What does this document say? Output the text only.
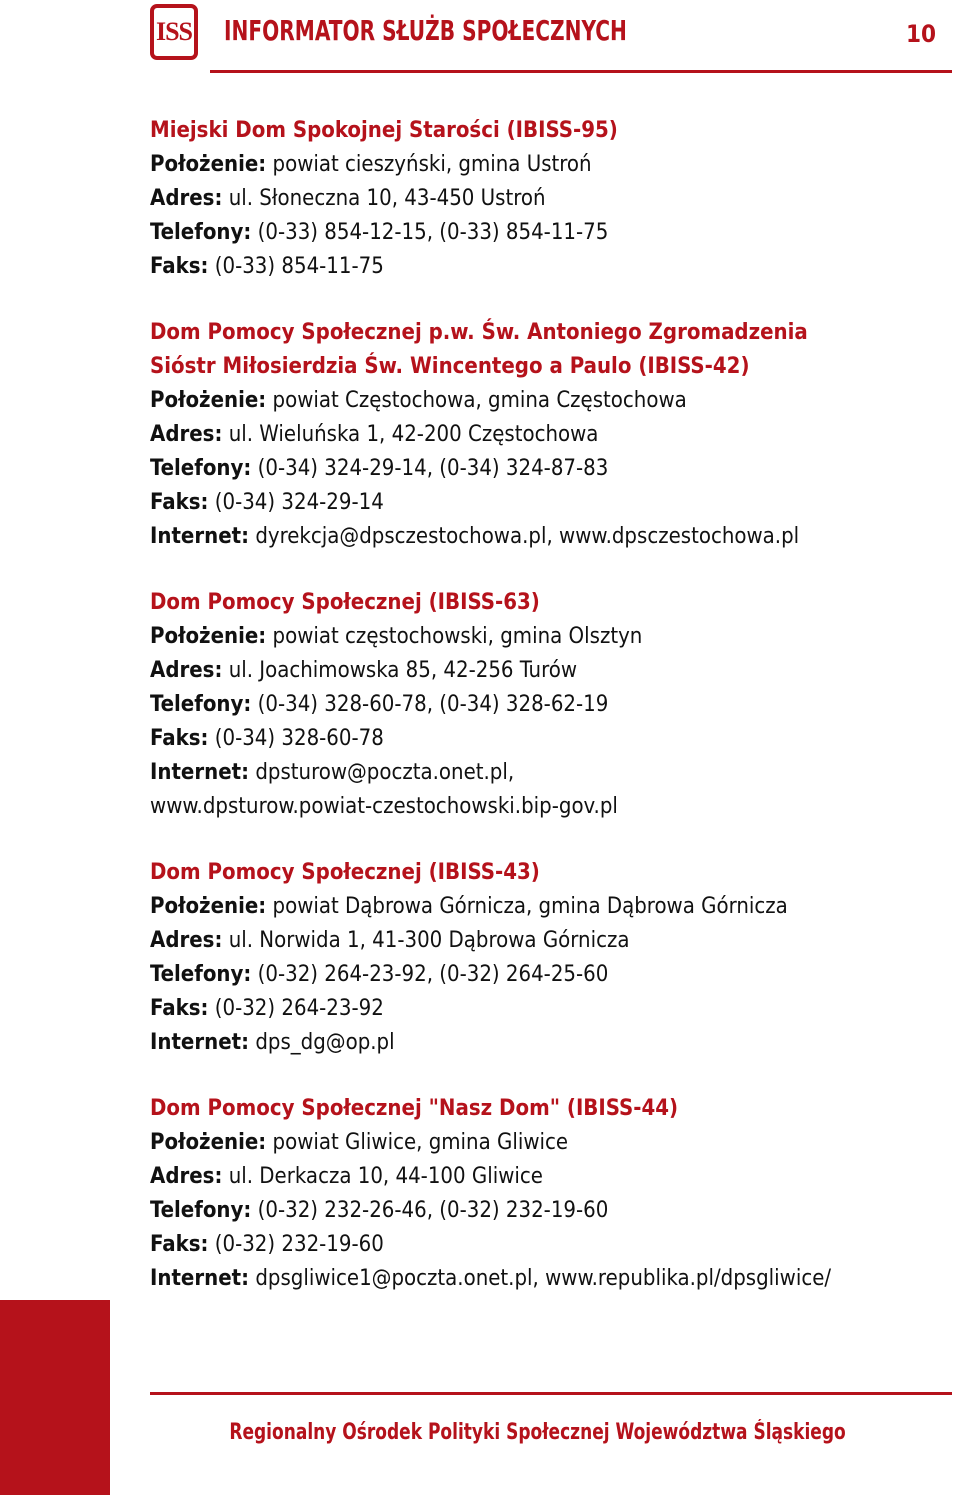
ISS INFORMATOR SŁUŻB SPOŁECZNYCH	10
Miejski Dom Spokojnej Starości (IBISS-95)
Położenie: powiat cieszyński, gmina Ustroń
Adres: ul. Słoneczna 10, 43-450 Ustroń
Telefony: (0-33) 854-12-15, (0-33) 854-11-75
Faks: (0-33) 854-11-75
Dom Pomocy Społecznej p.w. Św. Antoniego Zgromadzenia
Sióstr Miłosierdzia Św. Wincentego a Paulo (IBISS-42)
Położenie: powiat Częstochowa, gmina Częstochowa
Adres: ul. Wieluńska 1, 42-200 Częstochowa
Telefony: (0-34) 324-29-14, (0-34) 324-87-83
Faks: (0-34) 324-29-14
Internet: dyrekcja@dpsczestochowa.pl, www.dpsczestochowa.pl
Dom Pomocy Społecznej (IBISS-63)
Położenie: powiat częstochowski, gmina Olsztyn
Adres: ul. Joachimowska 85, 42-256 Turów
Telefony: (0-34) 328-60-78, (0-34) 328-62-19
Faks: (0-34) 328-60-78
Internet: dpsturow@poczta.onet.pl,
www.dpsturow.powiat-czestochowski.bip-gov.pl
Dom Pomocy Społecznej (IBISS-43)
Położenie: powiat Dąbrowa Górnicza, gmina Dąbrowa Górnicza
Adres: ul. Norwida 1, 41-300 Dąbrowa Górnicza
Telefony: (0-32) 264-23-92, (0-32) 264-25-60
Faks: (0-32) 264-23-92
Internet: dps_dg@op.pl
Dom Pomocy Społecznej "Nasz Dom" (IBISS-44)
Położenie: powiat Gliwice, gmina Gliwice
Adres: ul. Derkacza 10, 44-100 Gliwice
Telefony: (0-32) 232-26-46, (0-32) 232-19-60
Faks: (0-32) 232-19-60
Internet: dpsgliwice1@poczta.onet.pl, www.republika.pl/dpsgliwice/
Regionalny Ośrodek Polityki Społecznej Województwa Śląskiego
